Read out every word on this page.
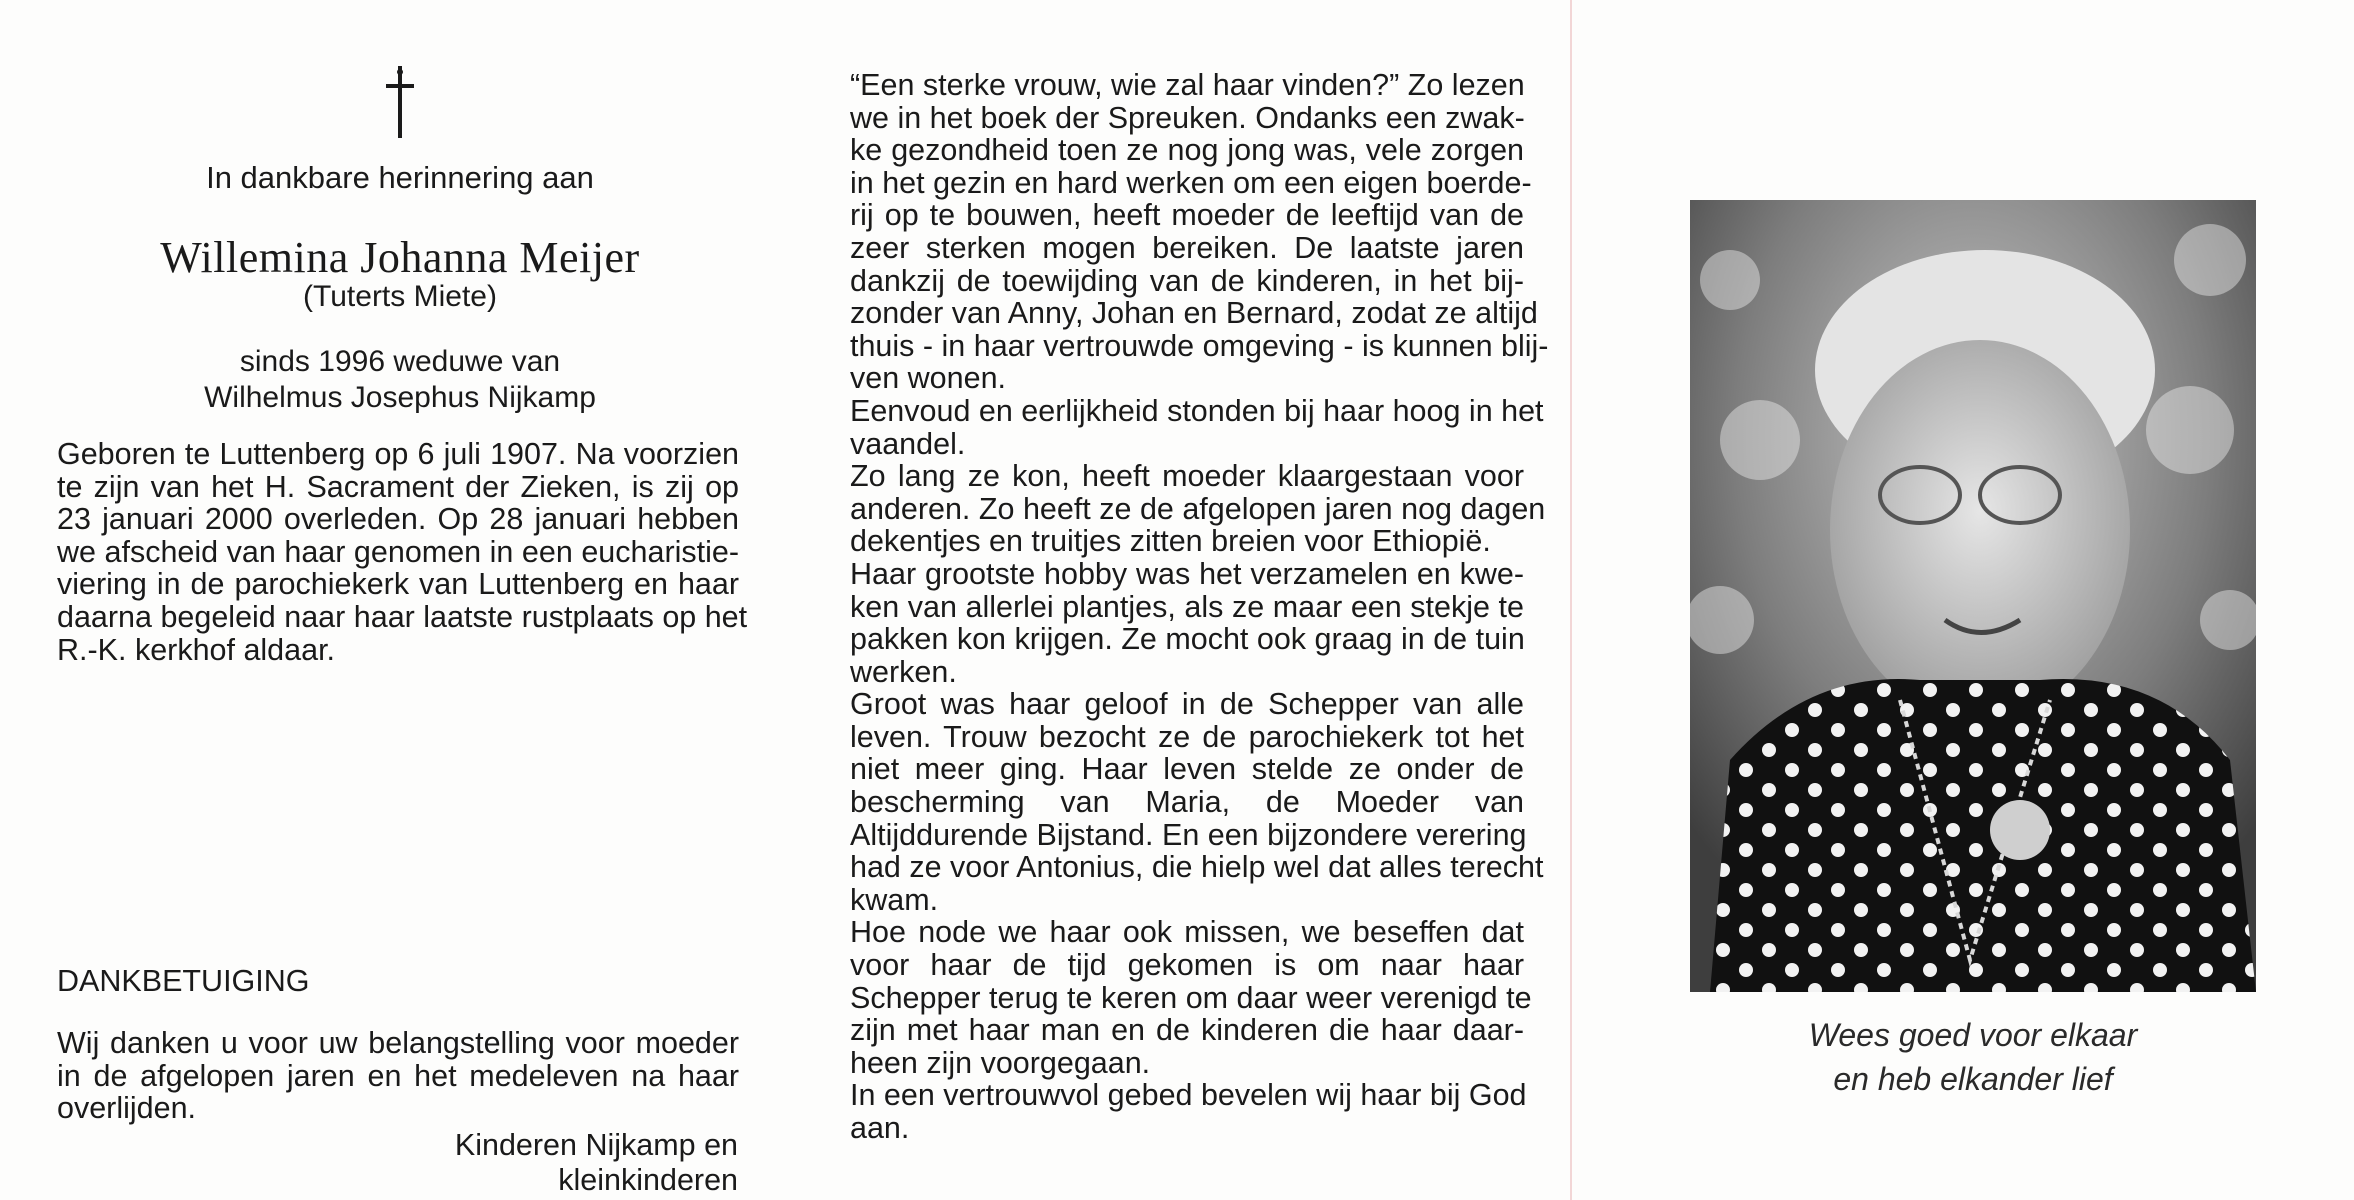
In dankbare herinnering aan
Willemina Johanna Meijer
(Tuterts Miete)
sinds 1996 weduwe van
Wilhelmus Josephus Nijkamp
Geboren te Luttenberg op 6 juli 1907. Na voorzien
te zijn van het H. Sacrament der Zieken, is zij op
23 januari 2000 overleden. Op 28 januari hebben
we afscheid van haar genomen in een eucharistie-
viering in de parochiekerk van Luttenberg en haar
daarna begeleid naar haar laatste rustplaats op het
R.-K. kerkhof aldaar.
DANKBETUIGING
Wij danken u voor uw belangstelling voor moeder
in de afgelopen jaren en het medeleven na haar
overlijden.
Kinderen Nijkamp en kleinkinderen
“Een sterke vrouw, wie zal haar vinden?” Zo lezen
we in het boek der Spreuken. Ondanks een zwak-
ke gezondheid toen ze nog jong was, vele zorgen
in het gezin en hard werken om een eigen boerde-
rij op te bouwen, heeft moeder de leeftijd van de
zeer sterken mogen bereiken. De laatste jaren
dankzij de toewijding van de kinderen, in het bij-
zonder van Anny, Johan en Bernard, zodat ze altijd
thuis - in haar vertrouwde omgeving - is kunnen blij-
ven wonen.
Eenvoud en eerlijkheid stonden bij haar hoog in het
vaandel.
Zo lang ze kon, heeft moeder klaargestaan voor
anderen. Zo heeft ze de afgelopen jaren nog dagen
dekentjes en truitjes zitten breien voor Ethiopië.
Haar grootste hobby was het verzamelen en kwe-
ken van allerlei plantjes, als ze maar een stekje te
pakken kon krijgen. Ze mocht ook graag in de tuin
werken.
Groot was haar geloof in de Schepper van alle
leven. Trouw bezocht ze de parochiekerk tot het
niet meer ging. Haar leven stelde ze onder de
bescherming van Maria, de Moeder van
Altijddurende Bijstand. En een bijzondere verering
had ze voor Antonius, die hielp wel dat alles terecht
kwam.
Hoe node we haar ook missen, we beseffen dat
voor haar de tijd gekomen is om naar haar
Schepper terug te keren om daar weer verenigd te
zijn met haar man en de kinderen die haar daar-
heen zijn voorgegaan.
In een vertrouwvol gebed bevelen wij haar bij God
aan.
Wees goed voor elkaar
en heb elkander lief
